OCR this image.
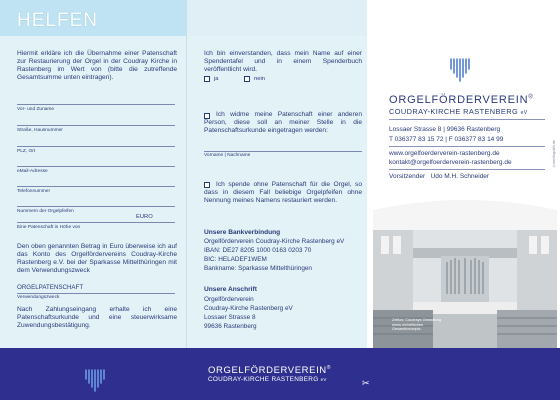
HELFEN
Hiermit erkläre ich die Übernahme einer Patenschaft zur Restaurierung der Orgel in der Coudray Kirche in Rastenberg im Wert von (bitte die zutreffende Gesamtsumme unten eintragen).
Vor- und Zuname
Straße, Hausnummer
PLZ, Ort
eMail-Adresse
Telefonnummer
Nummern der Orgelpfeifen
EURO
Eine Patenschaft in Höhe von
Den oben genannten Betrag in Euro überweise ich auf das Konto des Orgelfördervereins Coudray-Kirche Rastenberg e.V. bei der Sparkasse Mittelthüringen mit dem Verwendungszweck
ORGELPATENSCHAFT
Verwendungszweck
Nach Zahlungseingang erhalte ich eine Patenschaftsurkunde und eine steuerwirksame Zuwendungsbestätigung.
Ich bin einverstanden, dass mein Name auf einer Spendentafel und in einem Spenderbuch veröffentlicht wird.
ja	nein
Ich widme meine Patenschaft einer anderen Person, diese soll an meiner Stelle in die Patenschaftsurkunde eingetragen werden:
Vorname | Nachname
Ich spende ohne Patenschaft für die Orgel, so dass in diesem Fall beliebige Orgelpfeifen ohne Nennung meines Namens restauriert werden.
Unsere Bankverbindung
Orgelförderverein Coudray-Kirche Rastenberg eV
IBAN: DE27 8205 1000 0163 0203 70
BIC: HELADEF1WEM
Bankname: Sparkasse Mittelthüringen
Unsere Anschrift
Orgelförderverein
Coudray-Kirche Rastenberg eV
Lossaer Strasse 8
99636 Rastenberg
ORGELFÖRDERVEREIN®
COUDRAY-KIRCHE RASTENBERG eV
Lossaer Strasse 8 | 99636 Rastenberg
T 036377 83 15 72 | F 036377 83 14 99
www.orgelfoerderverein-rastenberg.de
kontakt@orgelfoerderverein-rastenberg.de
Vorsitzender Udo M.H. Schneider
©benitografik.de
Zeitlos: Coudrays Gestaltung eines einheitlichen Gesamtkonzepts
ORGELFÖRDERVEREIN®
COUDRAY-KIRCHE RASTENBERG eV	✂
